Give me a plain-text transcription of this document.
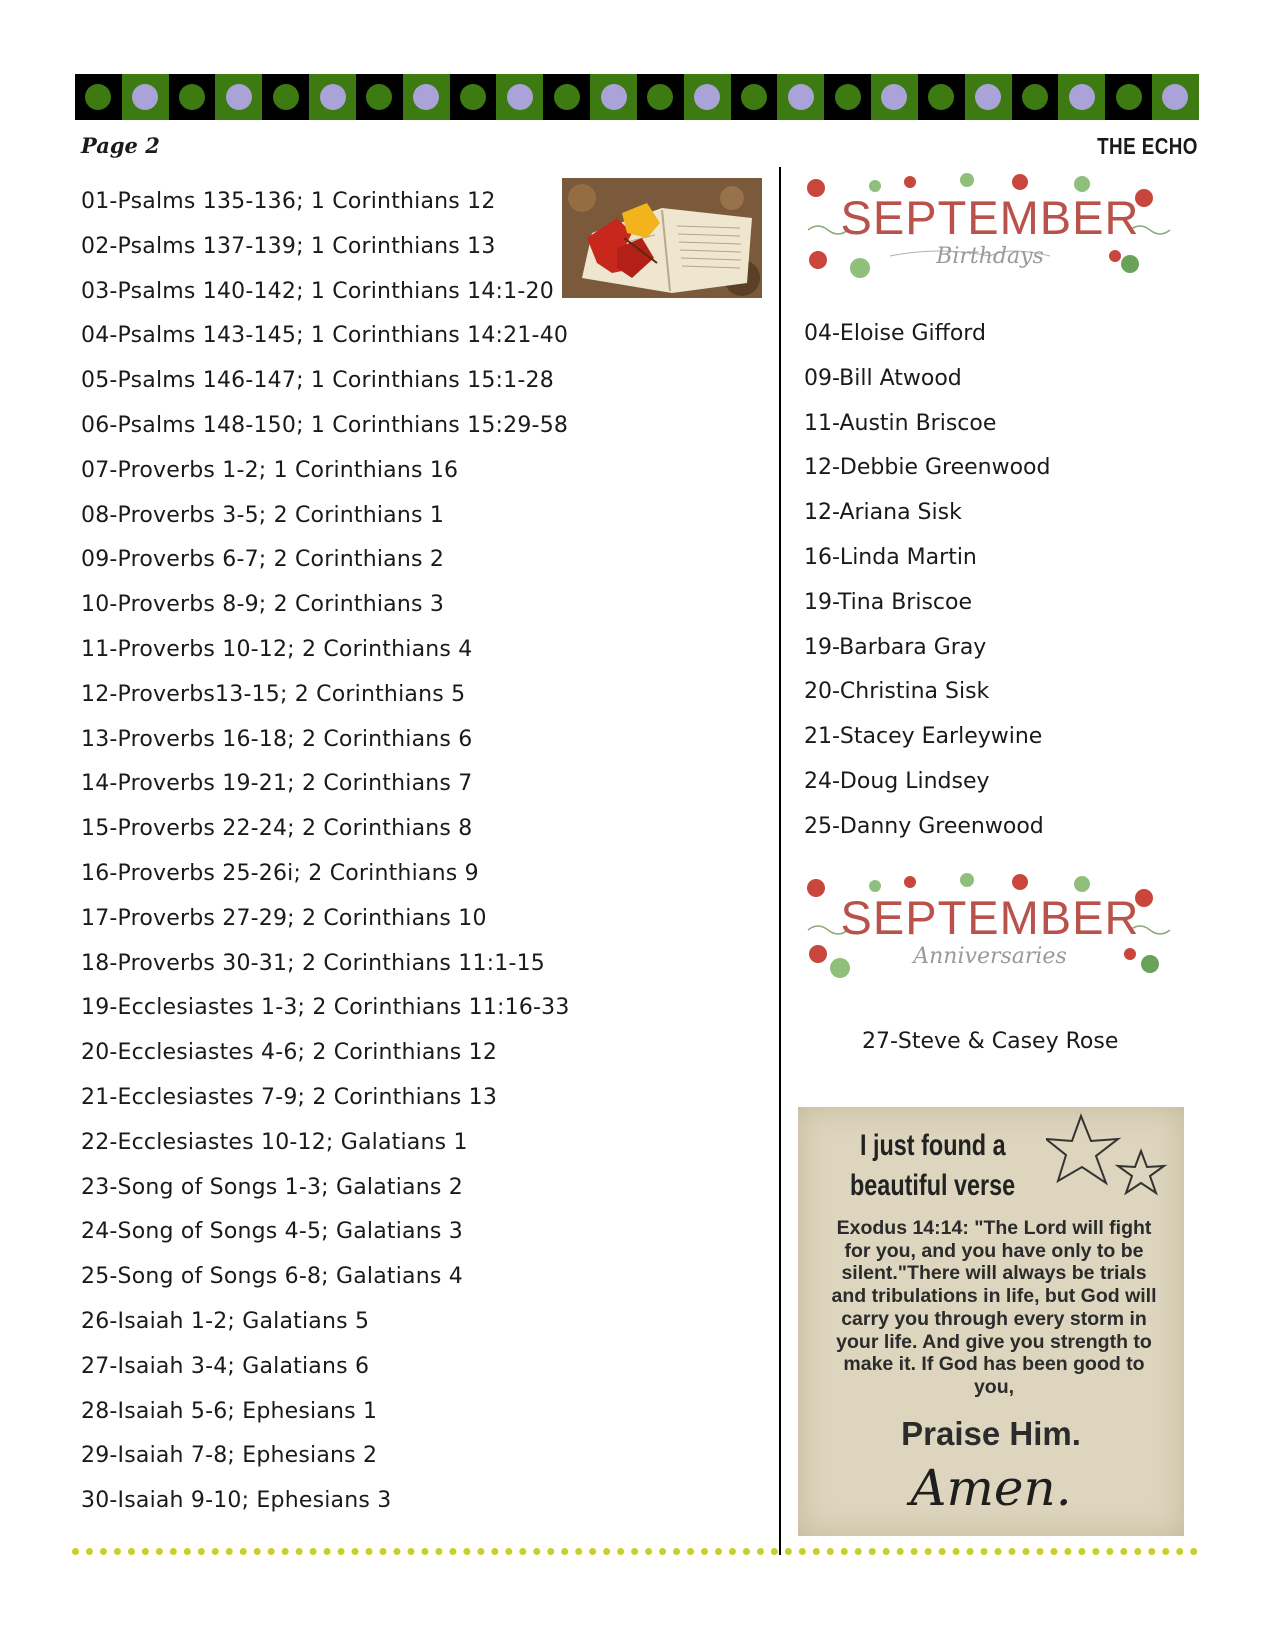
Page 2	THE ECHO
01-Psalms 135-136; 1 Corinthians 12
02-Psalms 137-139; 1 Corinthians 13
03-Psalms 140-142; 1 Corinthians 14:1-20
04-Psalms 143-145; 1 Corinthians 14:21-40
05-Psalms 146-147; 1 Corinthians 15:1-28
06-Psalms 148-150; 1 Corinthians 15:29-58
07-Proverbs 1-2; 1 Corinthians 16
08-Proverbs 3-5; 2 Corinthians 1
09-Proverbs 6-7; 2 Corinthians 2
10-Proverbs 8-9; 2 Corinthians 3
11-Proverbs 10-12; 2 Corinthians 4
12-Proverbs13-15; 2 Corinthians 5
13-Proverbs 16-18; 2 Corinthians 6
14-Proverbs 19-21; 2 Corinthians 7
15-Proverbs 22-24; 2 Corinthians 8
16-Proverbs 25-26i; 2 Corinthians 9
17-Proverbs 27-29; 2 Corinthians 10
18-Proverbs 30-31; 2 Corinthians 11:1-15
19-Ecclesiastes 1-3; 2 Corinthians 11:16-33
20-Ecclesiastes 4-6; 2 Corinthians 12
21-Ecclesiastes 7-9; 2 Corinthians 13
22-Ecclesiastes 10-12; Galatians 1
23-Song of Songs 1-3; Galatians 2
24-Song of Songs 4-5; Galatians 3
25-Song of Songs 6-8; Galatians 4
26-Isaiah 1-2; Galatians 5
27-Isaiah 3-4; Galatians 6
28-Isaiah 5-6; Ephesians 1
29-Isaiah 7-8; Ephesians 2
30-Isaiah 9-10; Ephesians 3
SEPTEMBER
Birthdays
04-Eloise Gifford
09-Bill Atwood
11-Austin Briscoe
12-Debbie Greenwood
12-Ariana Sisk
16-Linda Martin
19-Tina Briscoe
19-Barbara Gray
20-Christina Sisk
21-Stacey Earleywine
24-Doug Lindsey
25-Danny Greenwood
SEPTEMBER
Anniversaries
27-Steve & Casey Rose
I just found a
beautiful verse
Exodus 14:14: "The Lord will fight for you, and you have only to be silent."There will always be trials and tribulations in life, but God will carry you through every storm in your life. And give you strength to make it. If God has been good to you,
Praise Him.
Amen.
